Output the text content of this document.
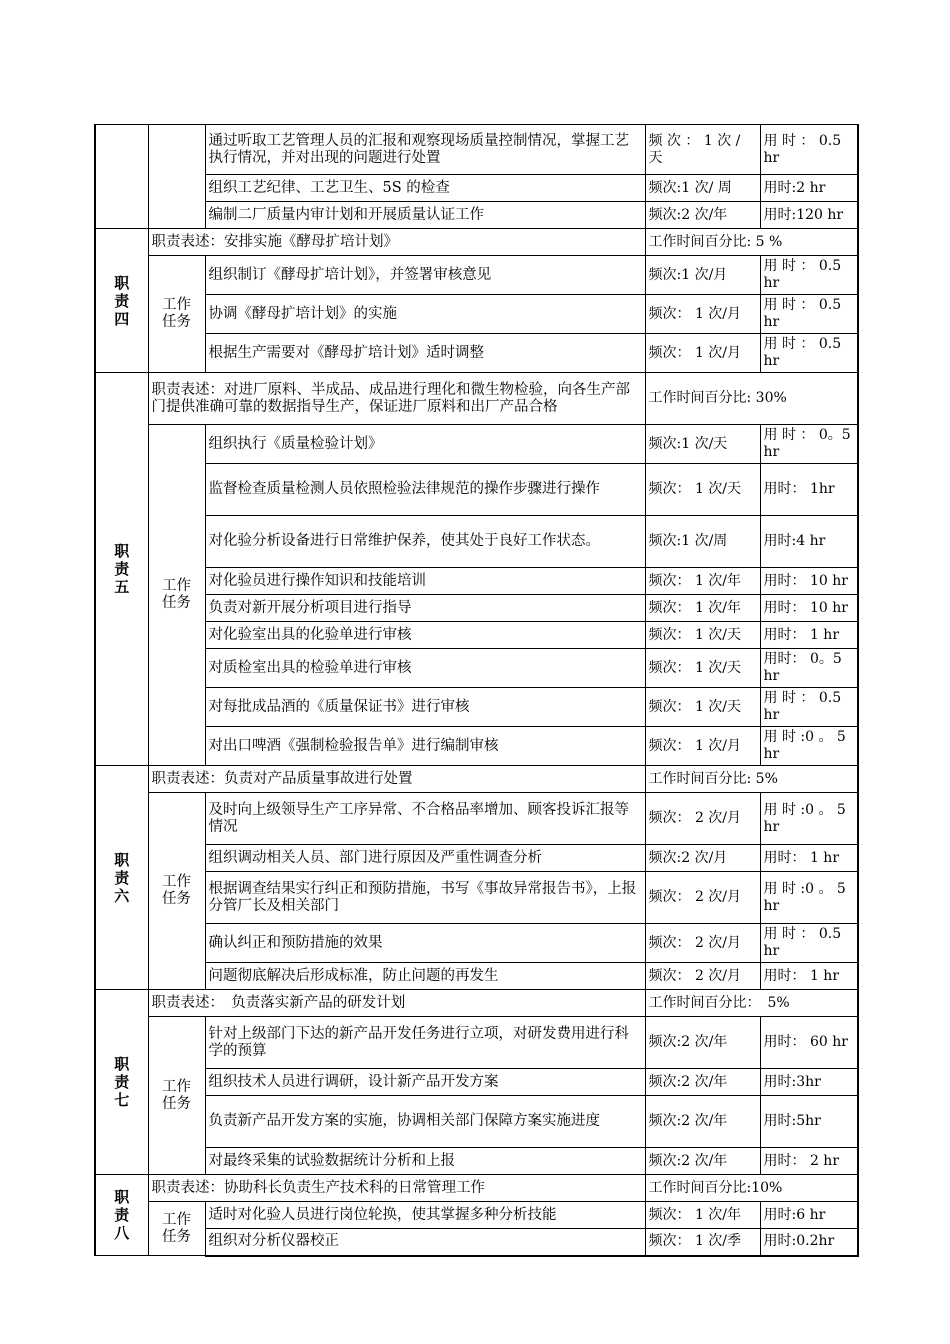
		通过听取工艺管理人员的汇报和观察现场质量控制情况，掌握工艺执行情况，并对出现的问题进行处置	频 次 ： 1 次 / 天	用 时 ： 0.5 hr
		组织工艺纪律、工艺卫生、5S 的检查	频次:1 次/ 周	用时:2 hr
		编制二厂质量内审计划和开展质量认证工作	频次:2 次/年	用时:120 hr
职责四	职责表述：安排实施《酵母扩培计划》		工作时间百分比: 5 %	
	工作任务	组织制订《酵母扩培计划》，并签署审核意见	频次:1 次/月	用 时 ： 0.5 hr
		协调《酵母扩培计划》的实施	频次： 1 次/月	用 时 ： 0.5 hr
		根据生产需要对《酵母扩培计划》适时调整	频次： 1 次/月	用 时 ： 0.5 hr
职责五	职责表述：对进厂原料、半成品、成品进行理化和微生物检验，向各生产部门提供准确可靠的数据指导生产，保证进厂原料和出厂产品合格		工作时间百分比: 30%	
	工作任务	组织执行《质量检验计划》	频次:1 次/天	用 时 ： 0。5hr
		监督检查质量检测人员依照检验法律规范的操作步骤进行操作	频次： 1 次/天	用时： 1hr
		对化验分析设备进行日常维护保养，使其处于良好工作状态。	频次:1 次/周	用时:4 hr
		对化验员进行操作知识和技能培训	频次： 1 次/年	用时： 10 hr
		负责对新开展分析项目进行指导	频次： 1 次/年	用时： 10 hr
		对化验室出具的化验单进行审核	频次： 1 次/天	用时： 1 hr
		对质检室出具的检验单进行审核	频次： 1 次/天	用时： 0。5 hr
		对每批成品酒的《质量保证书》进行审核	频次： 1 次/天	用 时 ： 0.5 hr
		对出口啤酒《强制检验报告单》进行编制审核	频次： 1 次/月	用 时 :0 。 5 hr
职责六	职责表述：负责对产品质量事故进行处置		工作时间百分比: 5%	
	工作任务	及时向上级领导生产工序异常、不合格品率增加、顾客投诉汇报等情况	频次： 2 次/月	用 时 :0 。 5 hr
		组织调动相关人员、部门进行原因及严重性调查分析	频次:2 次/月	用时： 1 hr
		根据调查结果实行纠正和预防措施，书写《事故异常报告书》，上报分管厂长及相关部门	频次： 2 次/月	用 时 :0 。 5 hr
		确认纠正和预防措施的效果	频次： 2 次/月	用 时 ： 0.5 hr
		问题彻底解决后形成标准，防止问题的再发生	频次： 2 次/月	用时： 1 hr
职责七	职责表述：　负责落实新产品的研发计划		工作时间百分比：　5%	
	工作任务	针对上级部门下达的新产品开发任务进行立项，对研发费用进行科学的预算	频次:2 次/年	用时： 60 hr
		组织技术人员进行调研，设计新产品开发方案	频次:2 次/年	用时:3hr
		负责新产品开发方案的实施，协调相关部门保障方案实施进度	频次:2 次/年	用时:5hr
		对最终采集的试验数据统计分析和上报	频次:2 次/年	用时： 2 hr
职责八	职责表述：协助科长负责生产技术科的日常管理工作		工作时间百分比:10%	
	工作任务	适时对化验人员进行岗位轮换，使其掌握多种分析技能	频次： 1 次/年	用时:6 hr
		组织对分析仪器校正	频次： 1 次/季	用时:0.2hr
